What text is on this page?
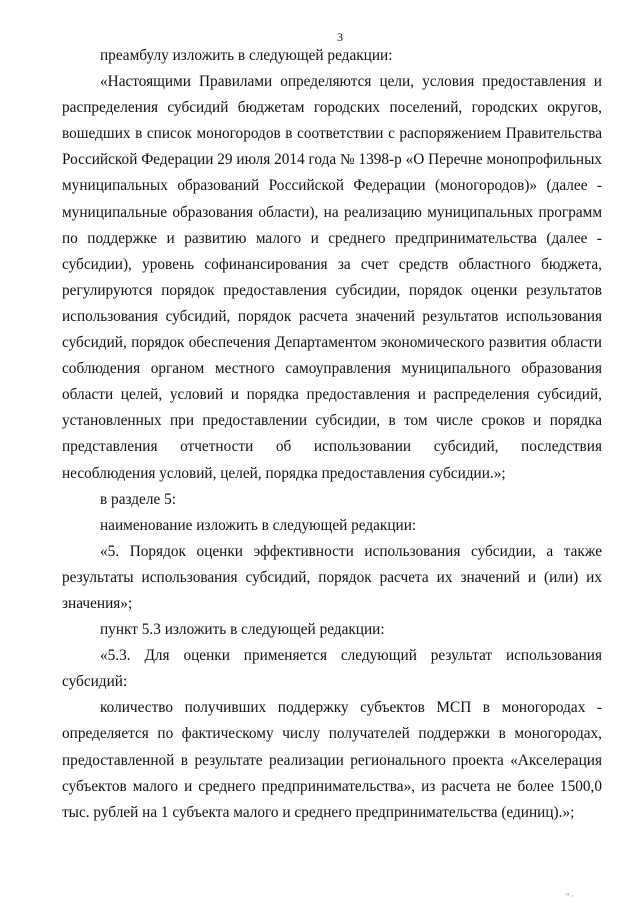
3

преамбулу изложить в следующей редакции:

«Настоящими Правилами определяются цели, условия предоставления и распределения субсидий бюджетам городских поселений, городских округов, вошедших в список моногородов в соответствии с распоряжением Правительства Российской Федерации 29 июля 2014 года № 1398-р «О Перечне монопрофильных муниципальных образований Российской Федерации (моногородов)» (далее - муниципальные образования области), на реализацию муниципальных программ по поддержке и развитию малого и среднего предпринимательства (далее - субсидии), уровень софинансирования за счет средств областного бюджета, регулируются порядок предоставления субсидии, порядок оценки результатов использования субсидий, порядок расчета значений результатов использования субсидий, порядок обеспечения Департаментом экономического развития области соблюдения органом местного самоуправления муниципального образования области целей, условий и порядка предоставления и распределения субсидий, установленных при предоставлении субсидии, в том числе сроков и порядка представления отчетности об использовании субсидий, последствия несоблюдения условий, целей, порядка предоставления субсидии.»;

в разделе 5:

наименование изложить в следующей редакции:

«5. Порядок оценки эффективности использования субсидии, а также результаты использования субсидий, порядок расчета их значений и (или) их значения»;

пункт 5.3 изложить в следующей редакции:

«5.3. Для оценки применяется следующий результат использования субсидий:

количество получивших поддержку субъектов МСП в моногородах - определяется по фактическому числу получателей поддержки в моногородах, предоставленной в результате реализации регионального проекта «Акселерация субъектов малого и среднего предпринимательства», из расчета не более 1500,0 тыс. рублей на 1 субъекта малого и среднего предпринимательства (единиц).»;

" ·
